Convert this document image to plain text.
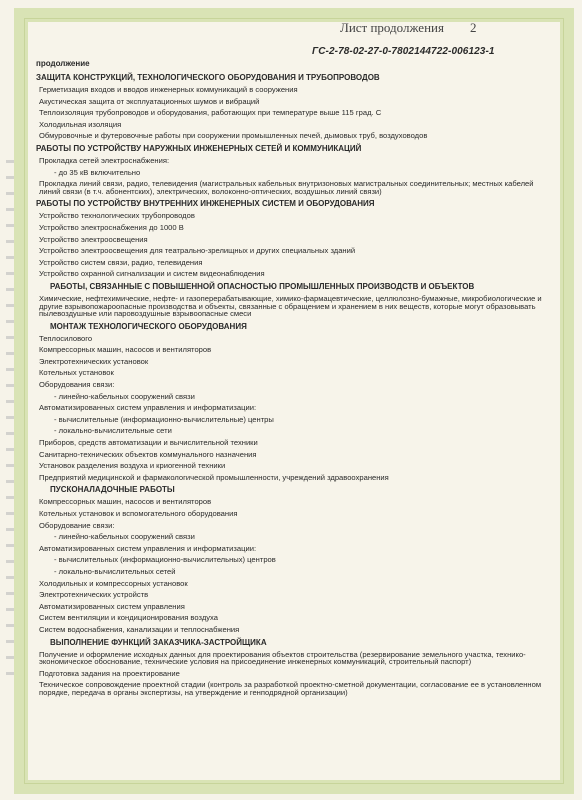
Лист продолжения 2
ГС-2-78-02-27-0-7802144722-006123-1
продолжение
ЗАЩИТА КОНСТРУКЦИЙ, ТЕХНОЛОГИЧЕСКОГО ОБОРУДОВАНИЯ И ТРУБОПРОВОДОВ
Герметизация входов и вводов инженерных коммуникаций в сооружения
Акустическая защита от эксплуатационных шумов и вибраций
Теплоизоляция трубопроводов и оборудования, работающих при температуре выше 115 град. С
Холодильная изоляция
Обмуровочные и футеровочные работы при сооружении промышленных печей, дымовых труб, воздуховодов
РАБОТЫ ПО УСТРОЙСТВУ НАРУЖНЫХ ИНЖЕНЕРНЫХ СЕТЕЙ И КОММУНИКАЦИЙ
Прокладка сетей электроснабжения:
- до 35 кВ включительно
Прокладка линий связи, радио, телевидения (магистральных кабельных внутризоновых магистральных соединительных; местных кабелей линий связи (в т.ч. абонентских), электрических, волоконно-оптических, воздушных линий связи)
РАБОТЫ ПО УСТРОЙСТВУ ВНУТРЕННИХ ИНЖЕНЕРНЫХ СИСТЕМ И ОБОРУДОВАНИЯ
Устройство технологических трубопроводов
Устройство электроснабжения до 1000 В
Устройство электроосвещения
Устройство электроосвещения для театрально-зрелищных и других специальных зданий
Устройство систем связи, радио, телевидения
Устройство охранной сигнализации и систем видеонаблюдения
РАБОТЫ, СВЯЗАННЫЕ С ПОВЫШЕННОЙ ОПАСНОСТЬЮ ПРОМЫШЛЕННЫХ ПРОИЗВОДСТВ И ОБЪЕКТОВ
Химические, нефтехимические, нефте- и газоперерабатывающие, химико-фармацевтические, целлюлозно-бумажные, микробиологические и другие взрывопожароопасные производства и объекты, связанные с обращением и хранением в них веществ, которые могут образовывать пылевоздушные или паровоздушные взрывоопасные смеси
МОНТАЖ ТЕХНОЛОГИЧЕСКОГО ОБОРУДОВАНИЯ
Теплосилового
Компрессорных машин, насосов и вентиляторов
Электротехнических установок
Котельных установок
Оборудования связи:
- линейно-кабельных сооружений связи
Автоматизированных систем управления и информатизации:
- вычислительные (информационно-вычислительные) центры
- локально-вычислительные сети
Приборов, средств автоматизации и вычислительной техники
Санитарно-технических объектов коммунального назначения
Установок разделения воздуха и криогенной техники
Предприятий медицинской и фармакологической промышленности, учреждений здравоохранения
ПУСКОНАЛАДОЧНЫЕ РАБОТЫ
Компрессорных машин, насосов и вентиляторов
Котельных установок и вспомогательного оборудования
Оборудование связи:
- линейно-кабельных сооружений связи
Автоматизированных систем управления и информатизации:
- вычислительных (информационно-вычислительных) центров
- локально-вычислительных сетей
Холодильных и компрессорных установок
Электротехнических устройств
Автоматизированных систем управления
Систем вентиляции и кондиционирования воздуха
Систем водоснабжения, канализации и теплоснабжения
ВЫПОЛНЕНИЕ ФУНКЦИЙ ЗАКАЗЧИКА-ЗАСТРОЙЩИКА
Получение и оформление исходных данных для проектирования объектов строительства (резервирование земельного участка, технико-экономическое обоснование, технические условия на присоединение инженерных коммуникаций, строительный паспорт)
Подготовка задания на проектирование
Техническое сопровождение проектной стадии (контроль за разработкой проектно-сметной документации, согласование ее в установленном порядке, передача в органы экспертизы, на утверждение и генподрядной организации)
